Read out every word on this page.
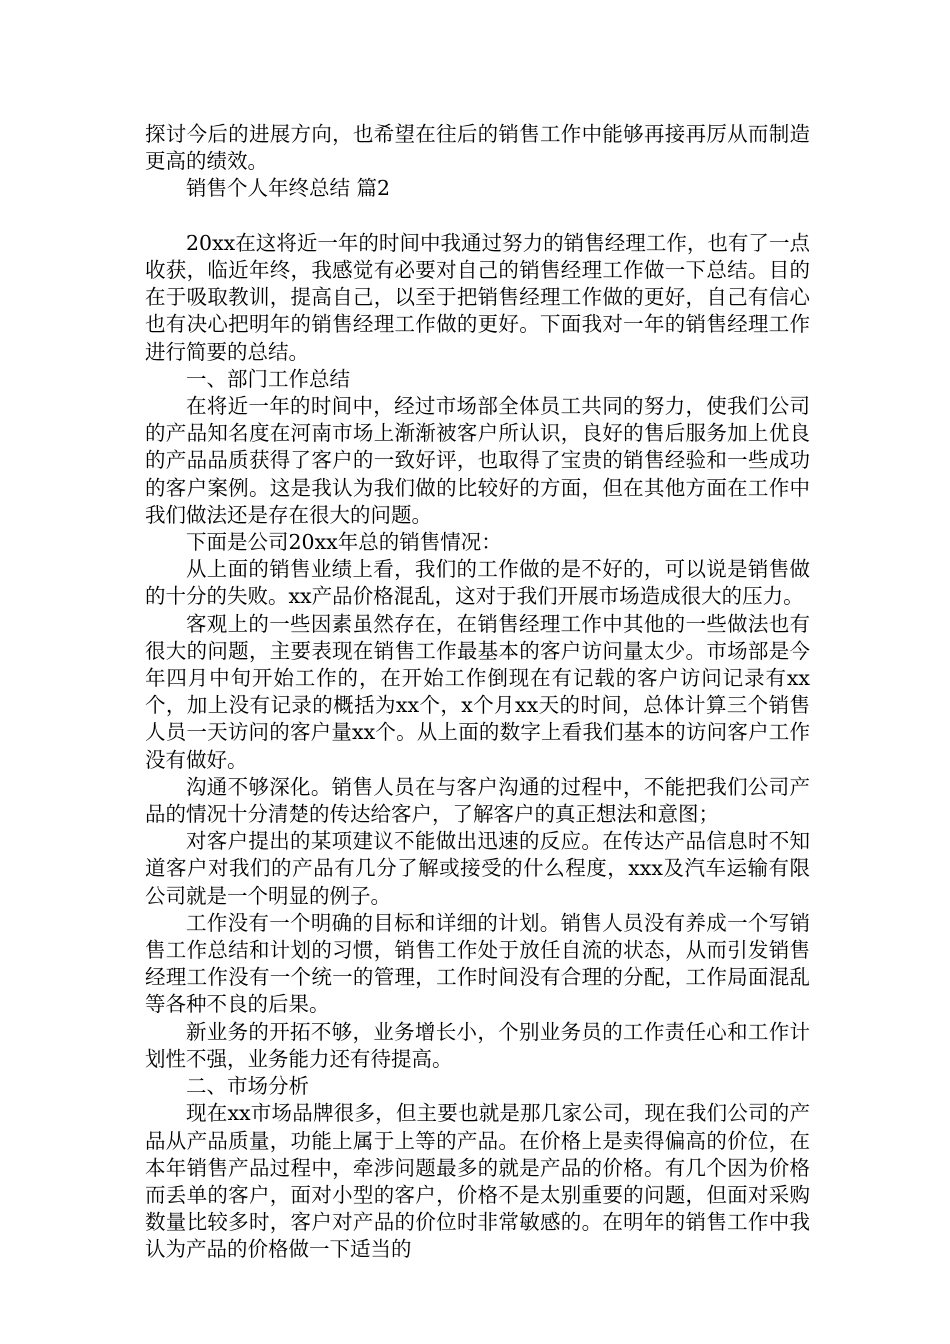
探讨今后的进展方向，也希望在往后的销售工作中能够再接再厉从而制造更高的绩效。

销售个人年终总结 篇2

20xx在这将近一年的时间中我通过努力的销售经理工作，也有了一点收获，临近年终，我感觉有必要对自己的销售经理工作做一下总结。目的在于吸取教训，提高自己，以至于把销售经理工作做的更好，自己有信心也有决心把明年的销售经理工作做的更好。下面我对一年的销售经理工作进行简要的总结。

一、部门工作总结

在将近一年的时间中，经过市场部全体员工共同的努力，使我们公司的产品知名度在河南市场上渐渐被客户所认识，良好的售后服务加上优良的产品品质获得了客户的一致好评，也取得了宝贵的销售经验和一些成功的客户案例。这是我认为我们做的比较好的方面，但在其他方面在工作中我们做法还是存在很大的问题。

下面是公司20xx年总的销售情况：

从上面的销售业绩上看，我们的工作做的是不好的，可以说是销售做的十分的失败。xx产品价格混乱，这对于我们开展市场造成很大的压力。

客观上的一些因素虽然存在，在销售经理工作中其他的一些做法也有很大的问题，主要表现在销售工作最基本的客户访问量太少。市场部是今年四月中旬开始工作的，在开始工作倒现在有记载的客户访问记录有xx个，加上没有记录的概括为xx个，x个月xx天的时间，总体计算三个销售人员一天访问的客户量xx个。从上面的数字上看我们基本的访问客户工作没有做好。

沟通不够深化。销售人员在与客户沟通的过程中，不能把我们公司产品的情况十分清楚的传达给客户，了解客户的真正想法和意图；

对客户提出的某项建议不能做出迅速的反应。在传达产品信息时不知道客户对我们的产品有几分了解或接受的什么程度，xxx及汽车运输有限公司就是一个明显的例子。

工作没有一个明确的目标和详细的计划。销售人员没有养成一个写销售工作总结和计划的习惯，销售工作处于放任自流的状态，从而引发销售经理工作没有一个统一的管理，工作时间没有合理的分配，工作局面混乱等各种不良的后果。

新业务的开拓不够，业务增长小，个别业务员的工作责任心和工作计划性不强，业务能力还有待提高。

二、市场分析

现在xx市场品牌很多，但主要也就是那几家公司，现在我们公司的产品从产品质量，功能上属于上等的产品。在价格上是卖得偏高的价位，在本年销售产品过程中，牵涉问题最多的就是产品的价格。有几个因为价格而丢单的客户，面对小型的客户，价格不是太别重要的问题，但面对采购数量比较多时，客户对产品的价位时非常敏感的。在明年的销售工作中我认为产品的价格做一下适当的
